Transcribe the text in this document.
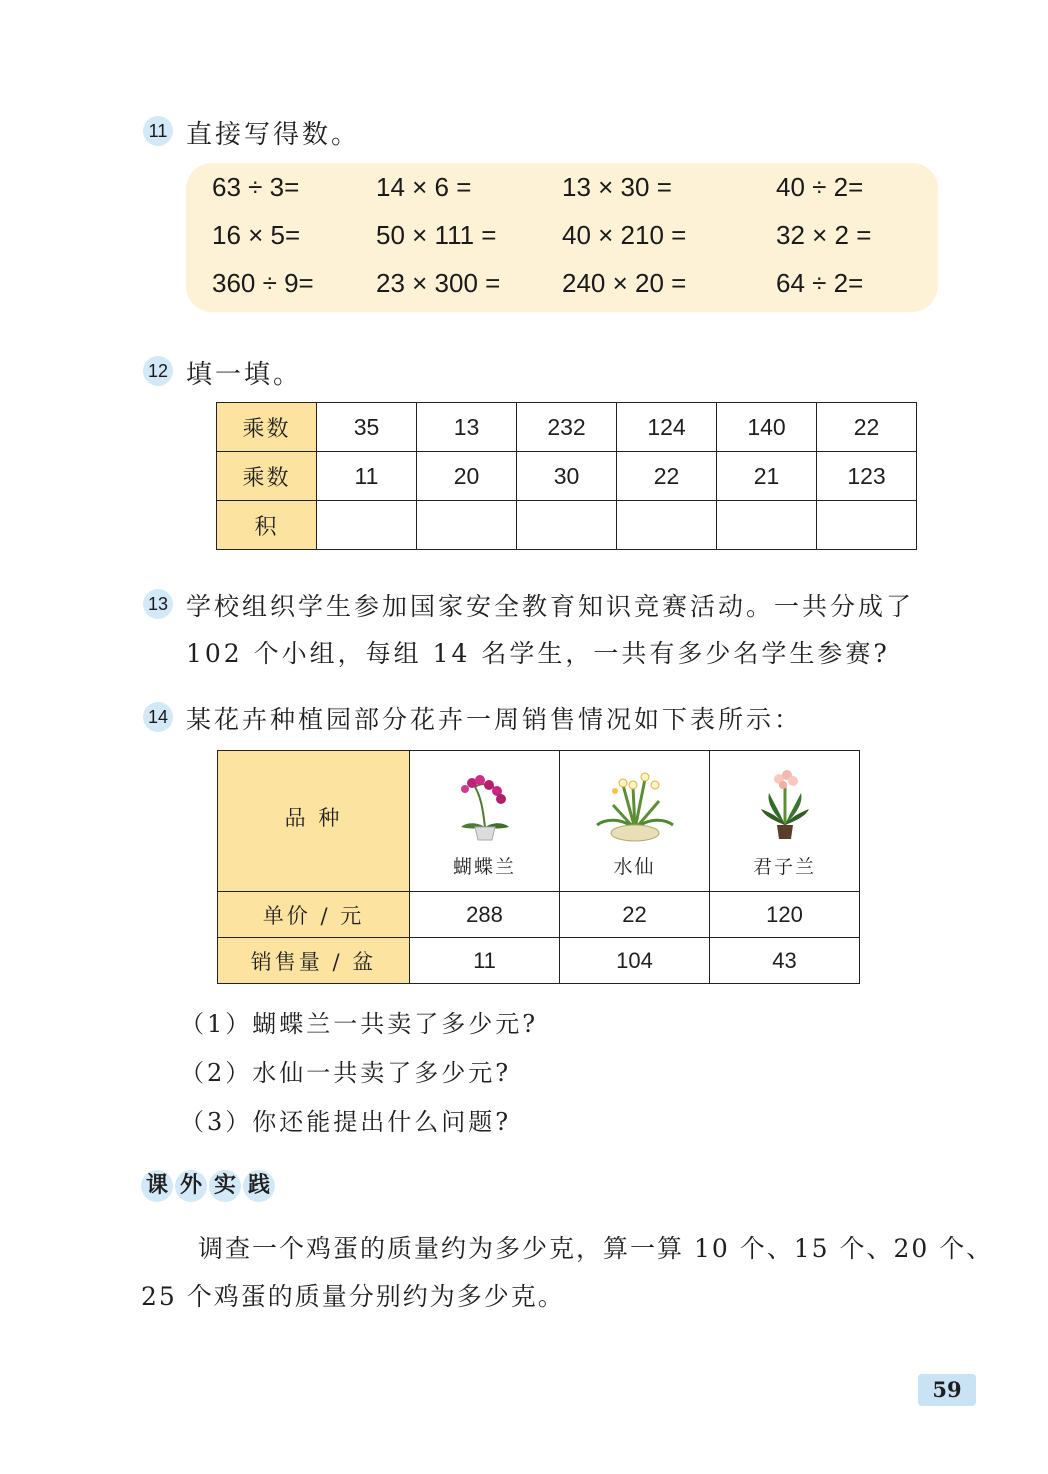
11 直接写得数。
63 ÷ 3=	14 × 6 =	13 × 30 =	40 ÷ 2=
16 × 5=	50 × 111 =	40 × 210 =	32 × 2 =
360 ÷ 9= 23 × 300 = 240 × 20 =	64 ÷ 2=
12 填一填。
乘数	35	13	232	124	140	22
乘数	11	20	30	22	21	123
积						
13 学校组织学生参加国家安全教育知识竞赛活动。一共分成了
102 个小组，每组 14 名学生，一共有多少名学生参赛?
14 某花卉种植园部分花卉一周销售情况如下表所示：
品 种	蝴蝶兰	水仙	君子兰

单价 / 元	288	22	120
销售量 / 盆	11	104	43
（1）蝴蝶兰一共卖了多少元?
（2）水仙一共卖了多少元?
（3）你还能提出什么问题?
课 外 实 践
调查一个鸡蛋的质量约为多少克，算一算 10 个、15 个、20 个、
25 个鸡蛋的质量分别约为多少克。
59
